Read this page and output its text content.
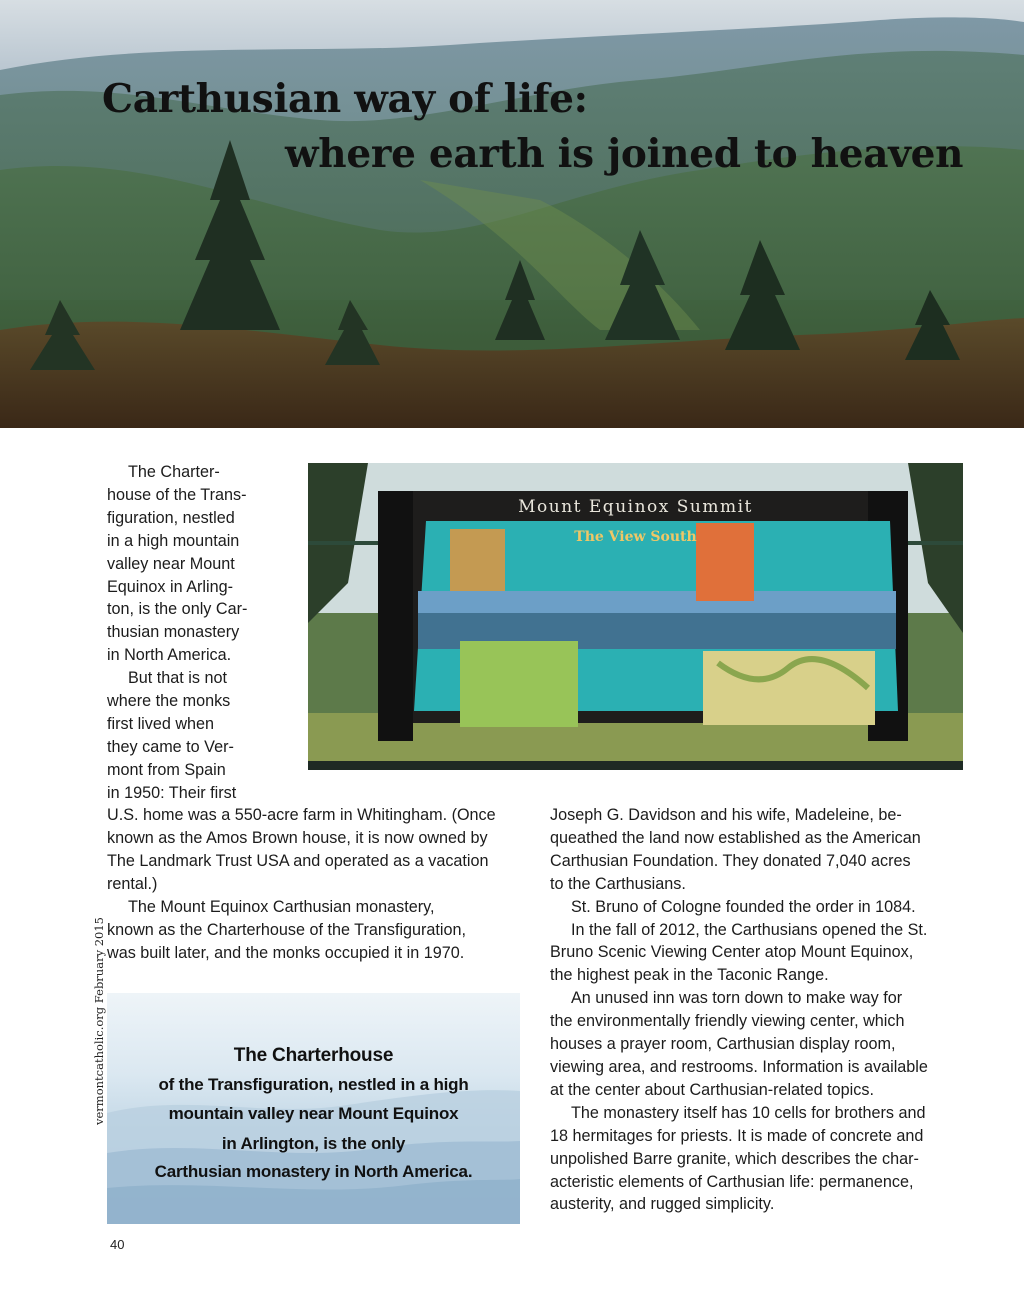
Carthusian way of life:
where earth is joined to heaven
The Charter-
house of the Trans-
figuration, nestled
in a high mountain
valley near Mount
Equinox in Arling-
ton, is the only Car-
thusian monastery
in North America.
But that is not
where the monks
first lived when
they came to Ver-
mont from Spain
in 1950: Their first
Mount Equinox Summit
The View South
U.S. home was a 550-acre farm in Whitingham. (Once
known as the Amos Brown house, it is now owned by
The Landmark Trust USA and operated as a vacation
rental.)
The Mount Equinox Carthusian monastery,
known as the Charterhouse of the Transfiguration,
was built later, and the monks occupied it in 1970.
Joseph G. Davidson and his wife, Madeleine, be-
queathed the land now established as the American
Carthusian Foundation. They donated 7,040 acres
to the Carthusians.
St. Bruno of Cologne founded the order in 1084.
In the fall of 2012, the Carthusians opened the St.
Bruno Scenic Viewing Center atop Mount Equinox,
the highest peak in the Taconic Range.
An unused inn was torn down to make way for
the environmentally friendly viewing center, which
houses a prayer room, Carthusian display room,
viewing area, and restrooms. Information is available
at the center about Carthusian-related topics.
The monastery itself has 10 cells for brothers and
18 hermitages for priests. It is made of concrete and
unpolished Barre granite, which describes the char-
acteristic elements of Carthusian life: permanence,
austerity, and rugged simplicity.
The Charterhouse
of the Transfiguration, nestled in a high
mountain valley near Mount Equinox
in Arlington, is the only
Carthusian monastery in North America.
vermontcatholic.org February 2015
40
